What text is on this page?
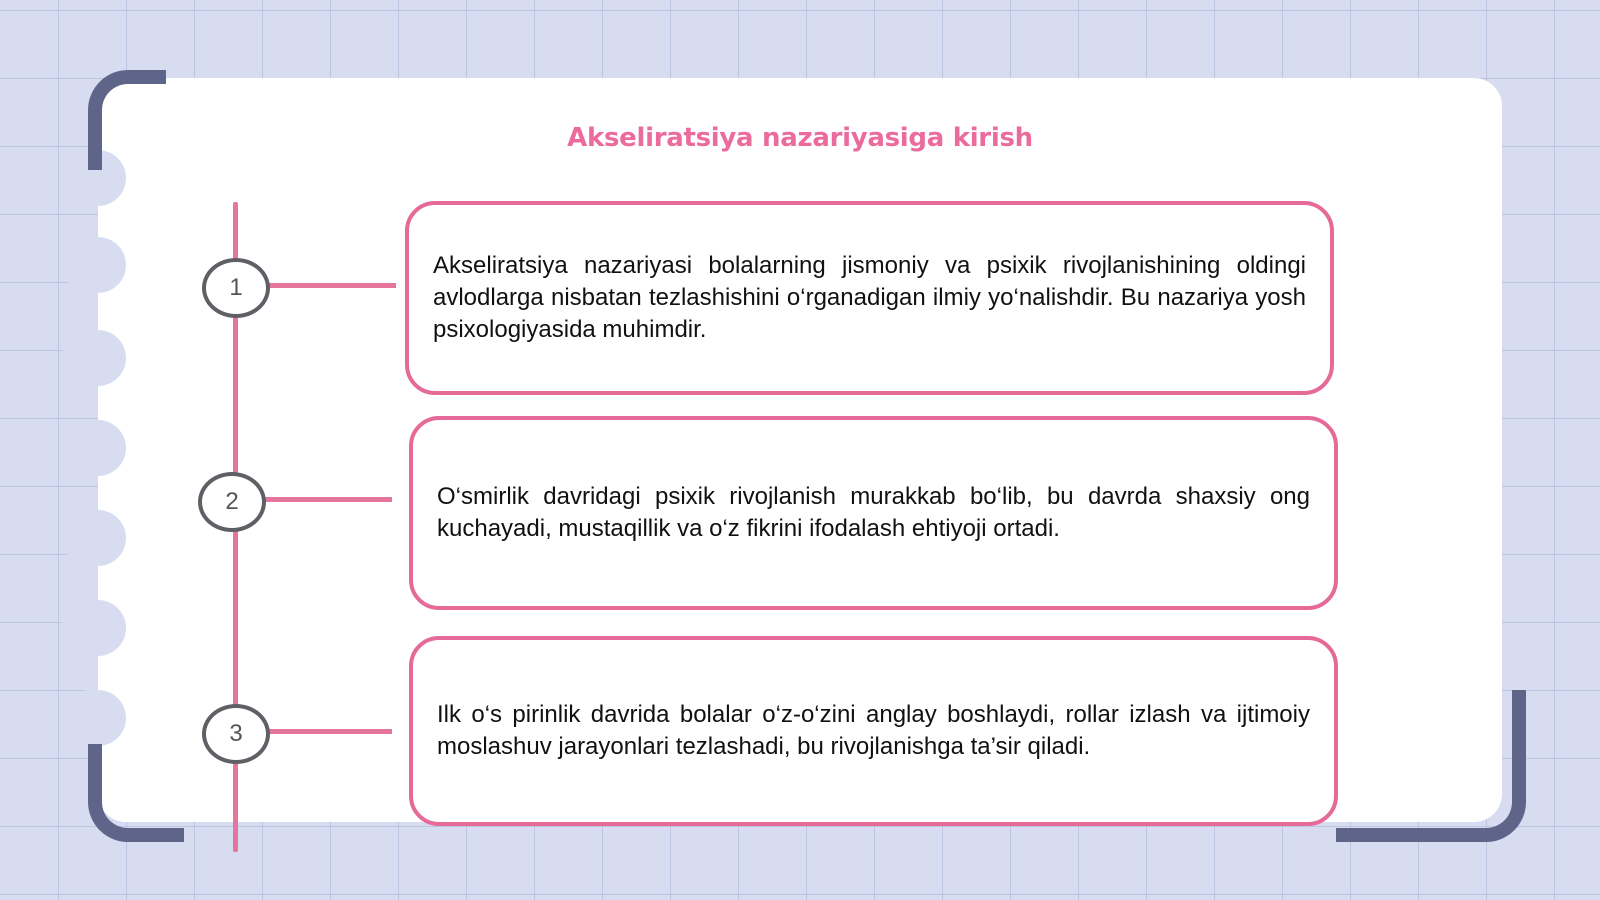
Akseliratsiya nazariyasiga kirish
1
2
3
Akseliratsiya nazariyasi bolalarning jismoniy va psixik rivojlanishining oldingi avlodlarga nisbatan tezlashishini o‘rganadigan ilmiy yo‘nalishdir. Bu nazariya yosh psixologiyasida muhimdir.
O‘smirlik davridagi psixik rivojlanish murakkab bo‘lib, bu davrda shaxsiy ong kuchayadi, mustaqillik va o‘z fikrini ifodalash ehtiyoji ortadi.
Ilk o‘s pirinlik davrida bolalar o‘z-o‘zini anglay boshlaydi, rollar izlash va ijtimoiy moslashuv jarayonlari tezlashadi, bu rivojlanishga ta’sir qiladi.
